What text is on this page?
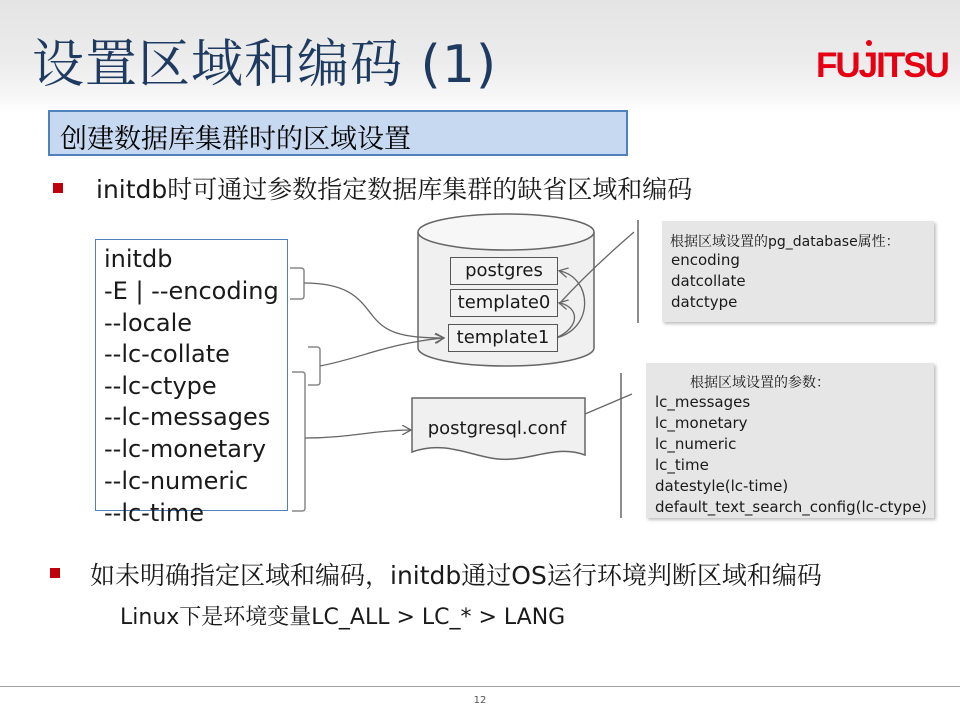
设置区域和编码 (1)	FUJ
ITSU
创建数据库集群时的区域设置
initdb时可通过参数指定数据库集群的缺省区域和编码
initdb
-E | --encoding
--locale
--lc-collate
--lc-ctype
--lc-messages
--lc-monetary
--lc-numeric
--lc-time
postgres
template0
template1
postgresql.conf
根据区域设置的pg_database属性：
encoding
datcollate
datctype
根据区域设置的参数：
lc_messages
lc_monetary
lc_numeric
lc_time
datestyle(lc-time)
default_text_search_config(lc-ctype)
如未明确指定区域和编码，initdb通过OS运行环境判断区域和编码
Linux下是环境变量LC_ALL > LC_* > LANG
12
